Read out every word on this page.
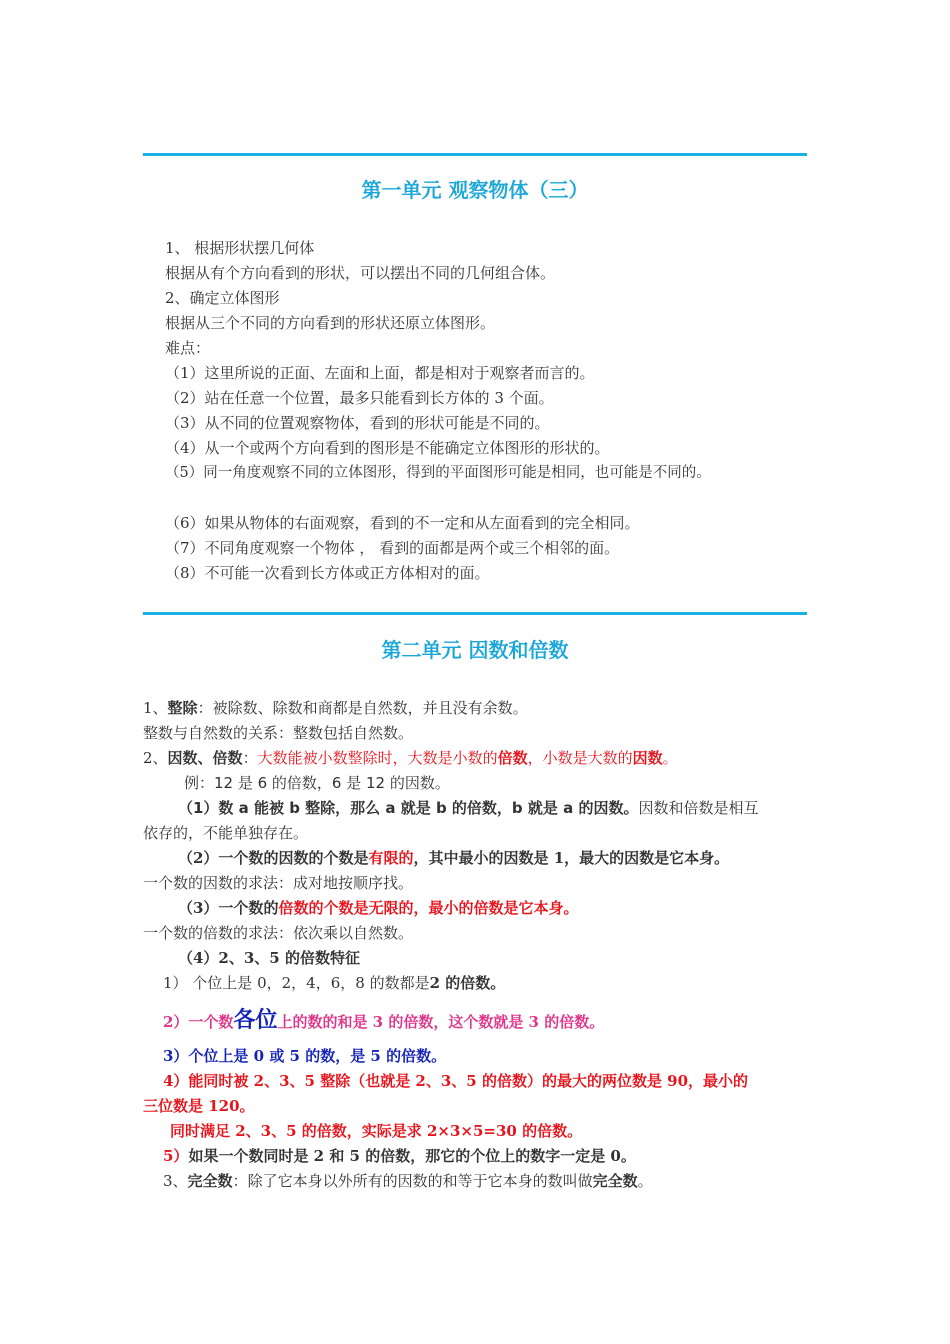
第一单元 观察物体（三）
1、 根据形状摆几何体
根据从有个方向看到的形状，可以摆出不同的几何组合体。
2、确定立体图形
根据从三个不同的方向看到的形状还原立体图形。
难点：
（1）这里所说的正面、左面和上面，都是相对于观察者而言的。
（2）站在任意一个位置，最多只能看到长方体的 3 个面。
（3）从不同的位置观察物体，看到的形状可能是不同的。
（4）从一个或两个方向看到的图形是不能确定立体图形的形状的。
（5）同一角度观察不同的立体图形，得到的平面图形可能是相同，也可能是不同的。
（6）如果从物体的右面观察，看到的不一定和从左面看到的完全相同。
（7）不同角度观察一个物体 ， 看到的面都是两个或三个相邻的面。
（8）不可能一次看到长方体或正方体相对的面。
第二单元 因数和倍数
1、整除：被除数、除数和商都是自然数，并且没有余数。
整数与自然数的关系：整数包括自然数。
2、因数、倍数：大数能被小数整除时，大数是小数的倍数，小数是大数的因数。
例：12 是 6 的倍数，6 是 12 的因数。
（1）数 a 能被 b 整除，那么 a 就是 b 的倍数，b 就是 a 的因数。因数和倍数是相互
依存的，不能单独存在。
（2）一个数的因数的个数是有限的，其中最小的因数是 1，最大的因数是它本身。
一个数的因数的求法：成对地按顺序找。
（3）一个数的倍数的个数是无限的，最小的倍数是它本身。
一个数的倍数的求法：依次乘以自然数。
（4）2、3、5 的倍数特征
1） 个位上是 0，2，4，6，8 的数都是2 的倍数。
2）一个数各位上的数的和是 3 的倍数，这个数就是 3 的倍数。
3）个位上是 0 或 5 的数，是 5 的倍数。
4）能同时被 2、3、5 整除（也就是 2、3、5 的倍数）的最大的两位数是 90，最小的
三位数是 120。
同时满足 2、3、5 的倍数，实际是求 2×3×5=30 的倍数。
5）如果一个数同时是 2 和 5 的倍数，那它的个位上的数字一定是 0。
3、完全数：除了它本身以外所有的因数的和等于它本身的数叫做完全数。
